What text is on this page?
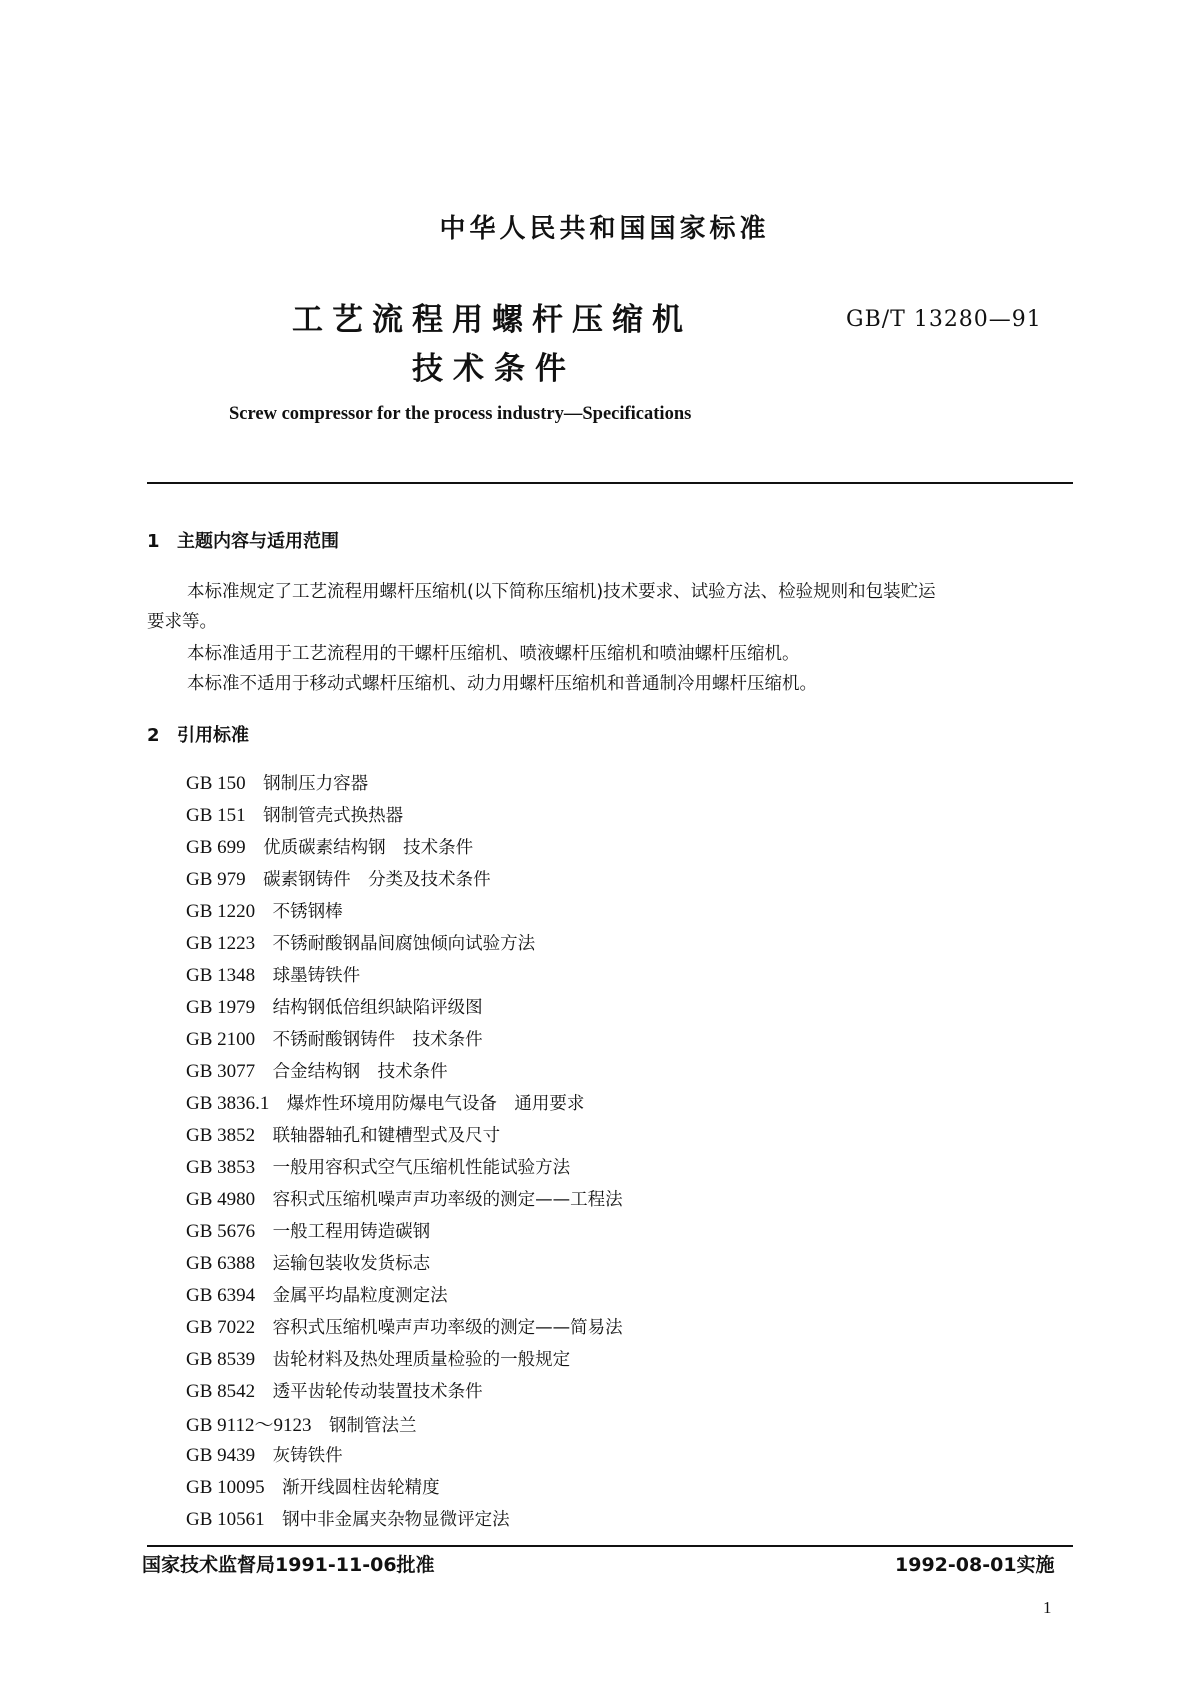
中华人民共和国国家标准
工艺流程用螺杆压缩机
技术条件
GB/T 13280—91
Screw compressor for the process industry—Specifications
1 主题内容与适用范围
本标准规定了工艺流程用螺杆压缩机(以下简称压缩机)技术要求、试验方法、检验规则和包装贮运
要求等。
本标准适用于工艺流程用的干螺杆压缩机、喷液螺杆压缩机和喷油螺杆压缩机。
本标准不适用于移动式螺杆压缩机、动力用螺杆压缩机和普通制冷用螺杆压缩机。
2 引用标准
GB 150　 钢制压力容器
GB 151　 钢制管壳式换热器
GB 699　 优质碳素结构钢　技术条件
GB 979　 碳素钢铸件　分类及技术条件
GB 1220　 不锈钢棒
GB 1223　 不锈耐酸钢晶间腐蚀倾向试验方法
GB 1348　 球墨铸铁件
GB 1979　 结构钢低倍组织缺陷评级图
GB 2100　 不锈耐酸钢铸件　技术条件
GB 3077　 合金结构钢　技术条件
GB 3836.1　 爆炸性环境用防爆电气设备　通用要求
GB 3852　 联轴器轴孔和键槽型式及尺寸
GB 3853　 一般用容积式空气压缩机性能试验方法
GB 4980　 容积式压缩机噪声声功率级的测定——工程法
GB 5676　 一般工程用铸造碳钢
GB 6388　 运输包装收发货标志
GB 6394　 金属平均晶粒度测定法
GB 7022　 容积式压缩机噪声声功率级的测定——简易法
GB 8539　 齿轮材料及热处理质量检验的一般规定
GB 8542　 透平齿轮传动装置技术条件
GB 9112～9123　 钢制管法兰
GB 9439　 灰铸铁件
GB 10095　 渐开线圆柱齿轮精度
GB 10561　 钢中非金属夹杂物显微评定法
国家技术监督局1991-11-06批准	1992-08-01实施
1
